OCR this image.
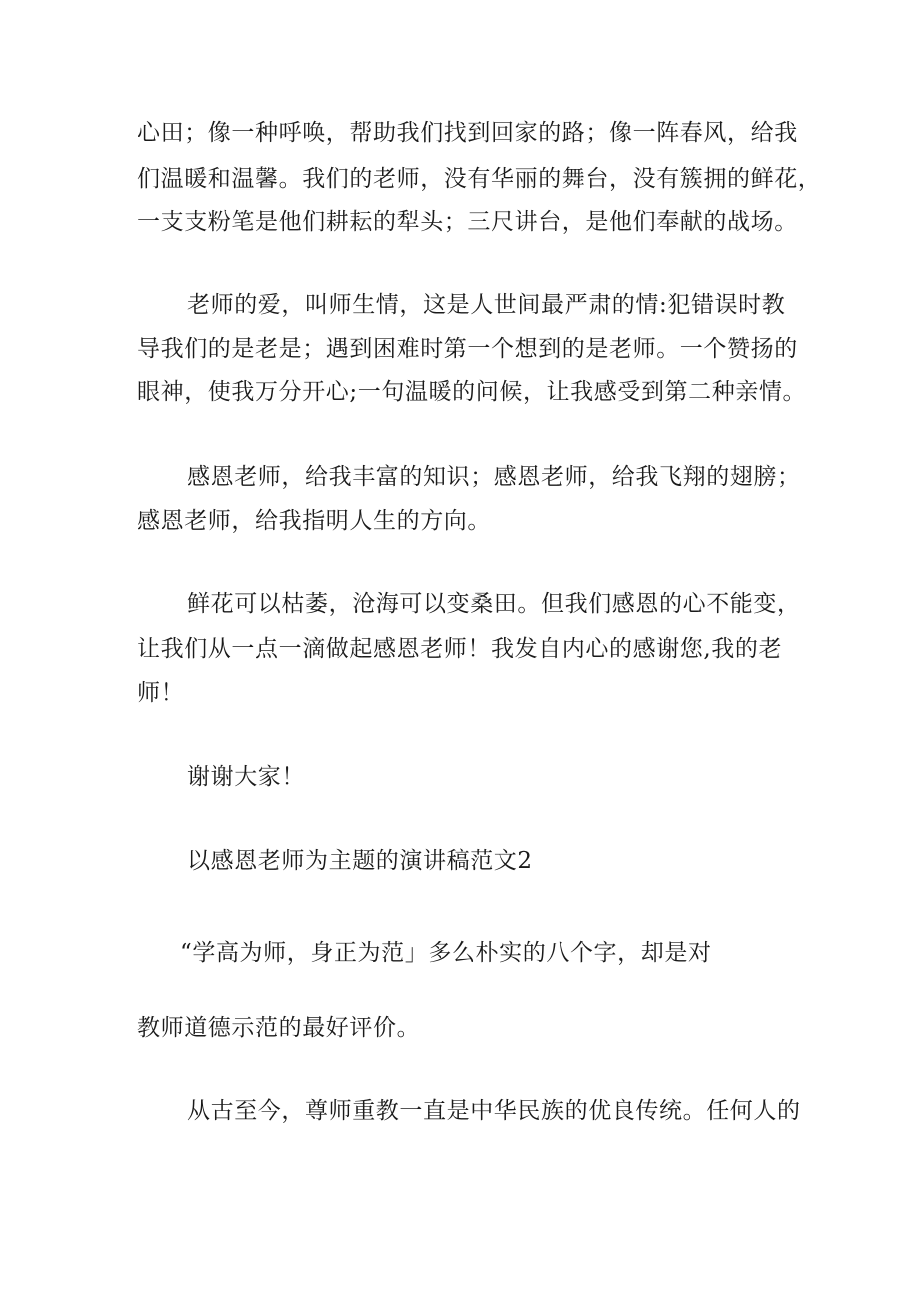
心田；像一种呼唤，帮助我们找到回家的路；像一阵春风，给我
们温暖和温馨。我们的老师，没有华丽的舞台，没有簇拥的鲜花，
一支支粉笔是他们耕耘的犁头；三尺讲台，是他们奉献的战场。
老师的爱，叫师生情，这是人世间最严肃的情:犯错误时教
导我们的是老是；遇到困难时第一个想到的是老师。一个赞扬的
眼神，使我万分开心;一句温暖的问候，让我感受到第二种亲情。
感恩老师，给我丰富的知识；感恩老师，给我飞翔的翅膀；
感恩老师，给我指明人生的方向。
鲜花可以枯萎，沧海可以变桑田。但我们感恩的心不能变，
让我们从一点一滴做起感恩老师！我发自内心的感谢您,我的老
师！
谢谢大家！
以感恩老师为主题的演讲稿范文2
“学高为师，身正为范」多么朴实的八个字，却是对
教师道德示范的最好评价。
从古至今，尊师重教一直是中华民族的优良传统。任何人的
